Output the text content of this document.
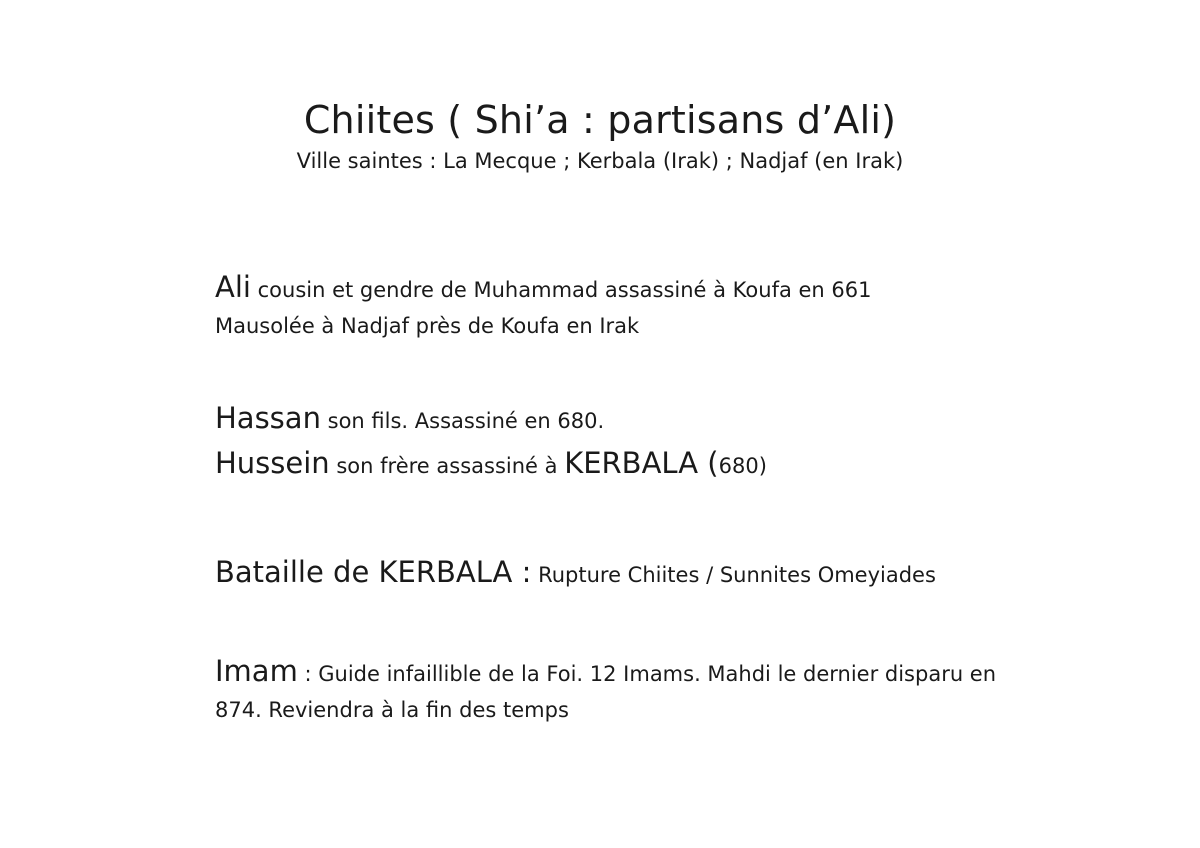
Chiites ( Shi’a : partisans d’Ali)
Ville saintes : La Mecque ; Kerbala (Irak) ; Nadjaf (en Irak)
Ali cousin et gendre de Muhammad assassiné à Koufa en 661
Mausolée à Nadjaf près de Koufa en Irak
Hassan son fils. Assassiné en 680.
Hussein son frère assassiné à KERBALA (680)
Bataille de KERBALA : Rupture Chiites / Sunnites Omeyiades
Imam : Guide infaillible de la Foi. 12 Imams. Mahdi le dernier disparu en 874. Reviendra à la fin des temps
